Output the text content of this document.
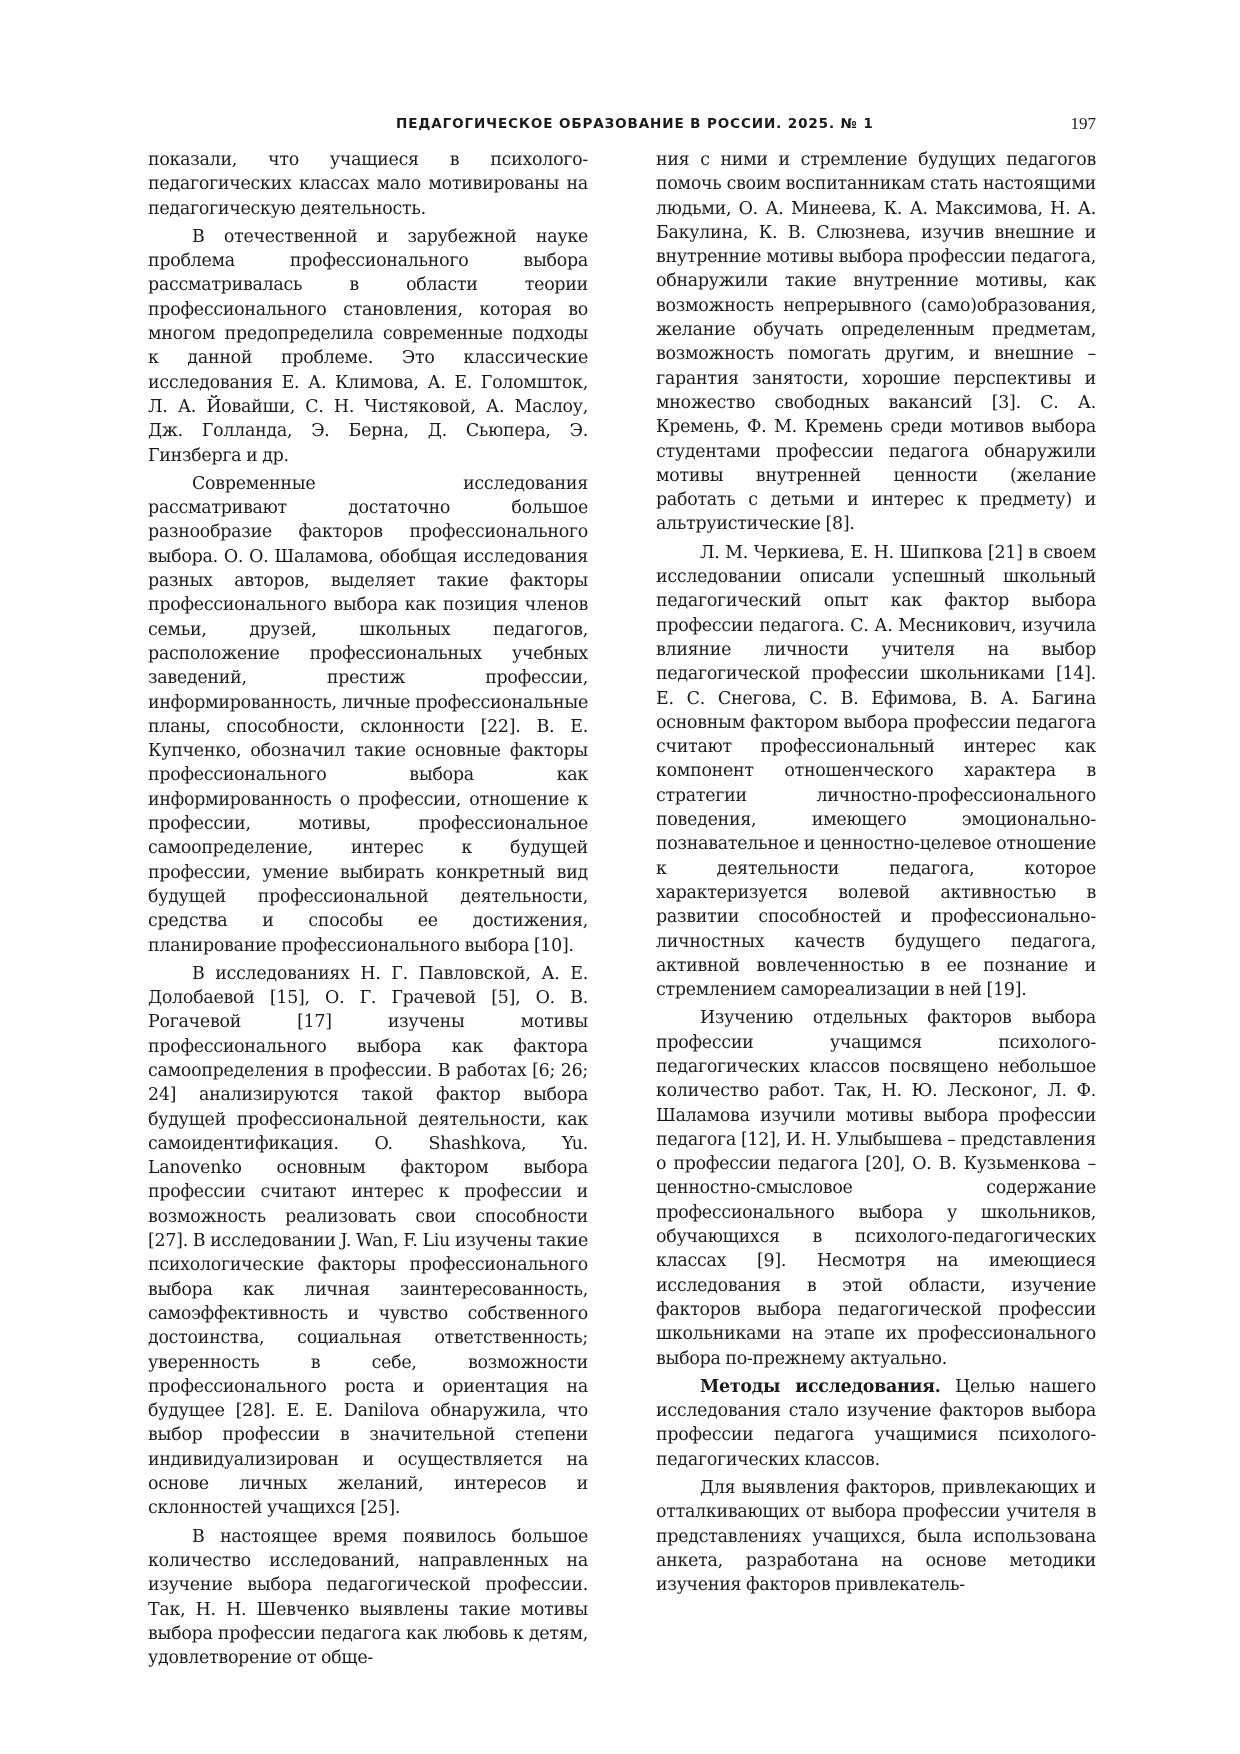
ПЕДАГОГИЧЕСКОЕ ОБРАЗОВАНИЕ В РОССИИ. 2025. № 1	197

показали, что учащиеся в психолого-педагогических классах мало мотивированы на педагогическую деятельность.

В отечественной и зарубежной науке проблема профессионального выбора рассматривалась в области теории профессионального становления, которая во многом предопределила современные подходы к данной проблеме. Это классические исследования Е. А. Климова, А. Е. Голомшток, Л. А. Йовайши, С. Н. Чистяковой, А. Маслоу, Дж. Голланда, Э. Берна, Д. Сьюпера, Э. Гинзберга и др.

Современные исследования рассматривают достаточно большое разнообразие факторов профессионального выбора. О. О. Шаламова, обобщая исследования разных авторов, выделяет такие факторы профессионального выбора как позиция членов семьи, друзей, школьных педагогов, расположение профессиональных учебных заведений, престиж профессии, информированность, личные профессиональные планы, способности, склонности [22]. В. Е. Купченко, обозначил такие основные факторы профессионального выбора как информированность о профессии, отношение к профессии, мотивы, профессиональное самоопределение, интерес к будущей профессии, умение выбирать конкретный вид будущей профессиональной деятельности, средства и способы ее достижения, планирование профессионального выбора [10].

В исследованиях Н. Г. Павловской, А. Е. Долобаевой [15], О. Г. Грачевой [5], О. В. Рогачевой [17] изучены мотивы профессионального выбора как фактора самоопределения в профессии. В работах [6; 26; 24] анализируются такой фактор выбора будущей профессиональной деятельности, как самоидентификация. O. Shashkova, Yu. Lanovenko основным фактором выбора профессии считают интерес к профессии и возможность реализовать свои способности [27]. В исследовании J. Wan, F. Liu изучены такие психологические факторы профессионального выбора как личная заинтересованность, самоэффективность и чувство собственного достоинства, социальная ответственность; уверенность в себе, возможности профессионального роста и ориентация на будущее [28]. E. E. Danilova обнаружила, что выбор профессии в значительной степени индивидуализирован и осуществляется на основе личных желаний, интересов и склонностей учащихся [25].

В настоящее время появилось большое количество исследований, направленных на изучение выбора педагогической профессии. Так, Н. Н. Шевченко выявлены такие мотивы выбора профессии педагога как любовь к детям, удовлетворение от обще-

ния с ними и стремление будущих педагогов помочь своим воспитанникам стать настоящими людьми, О. А. Минеева, К. А. Максимова, Н. А. Бакулина, К. В. Слюзнева, изучив внешние и внутренние мотивы выбора профессии педагога, обнаружили такие внутренние мотивы, как возможность непрерывного (само)образования, желание обучать определенным предметам, возможность помогать другим, и внешние – гарантия занятости, хорошие перспективы и множество свободных вакансий [3]. С. А. Кремень, Ф. М. Кремень среди мотивов выбора студентами профессии педагога обнаружили мотивы внутренней ценности (желание работать с детьми и интерес к предмету) и альтруистические [8].

Л. М. Черкиева, Е. Н. Шипкова [21] в своем исследовании описали успешный школьный педагогический опыт как фактор выбора профессии педагога. С. А. Месникович, изучила влияние личности учителя на выбор педагогической профессии школьниками [14]. Е. С. Снегова, С. В. Ефимова, В. А. Багина основным фактором выбора профессии педагога считают профессиональный интерес как компонент отношенческого характера в стратегии личностно-профессионального поведения, имеющего эмоционально-познавательное и ценностно-целевое отношение к деятельности педагога, которое характеризуется волевой активностью в развитии способностей и профессионально-личностных качеств будущего педагога, активной вовлеченностью в ее познание и стремлением самореализации в ней [19].

Изучению отдельных факторов выбора профессии учащимся психолого-педагогических классов посвящено небольшое количество работ. Так, Н. Ю. Лесконог, Л. Ф. Шаламова изучили мотивы выбора профессии педагога [12], И. Н. Улыбышева – представления о профессии педагога [20], О. В. Кузьменкова – ценностно-смысловое содержание профессионального выбора у школьников, обучающихся в психолого-педагогических классах [9]. Несмотря на имеющиеся исследования в этой области, изучение факторов выбора педагогической профессии школьниками на этапе их профессионального выбора по-прежнему актуально.

Методы исследования. Целью нашего исследования стало изучение факторов выбора профессии педагога учащимися психолого-педагогических классов.

Для выявления факторов, привлекающих и отталкивающих от выбора профессии учителя в представлениях учащихся, была использована анкета, разработана на основе методики изучения факторов привлекатель-
